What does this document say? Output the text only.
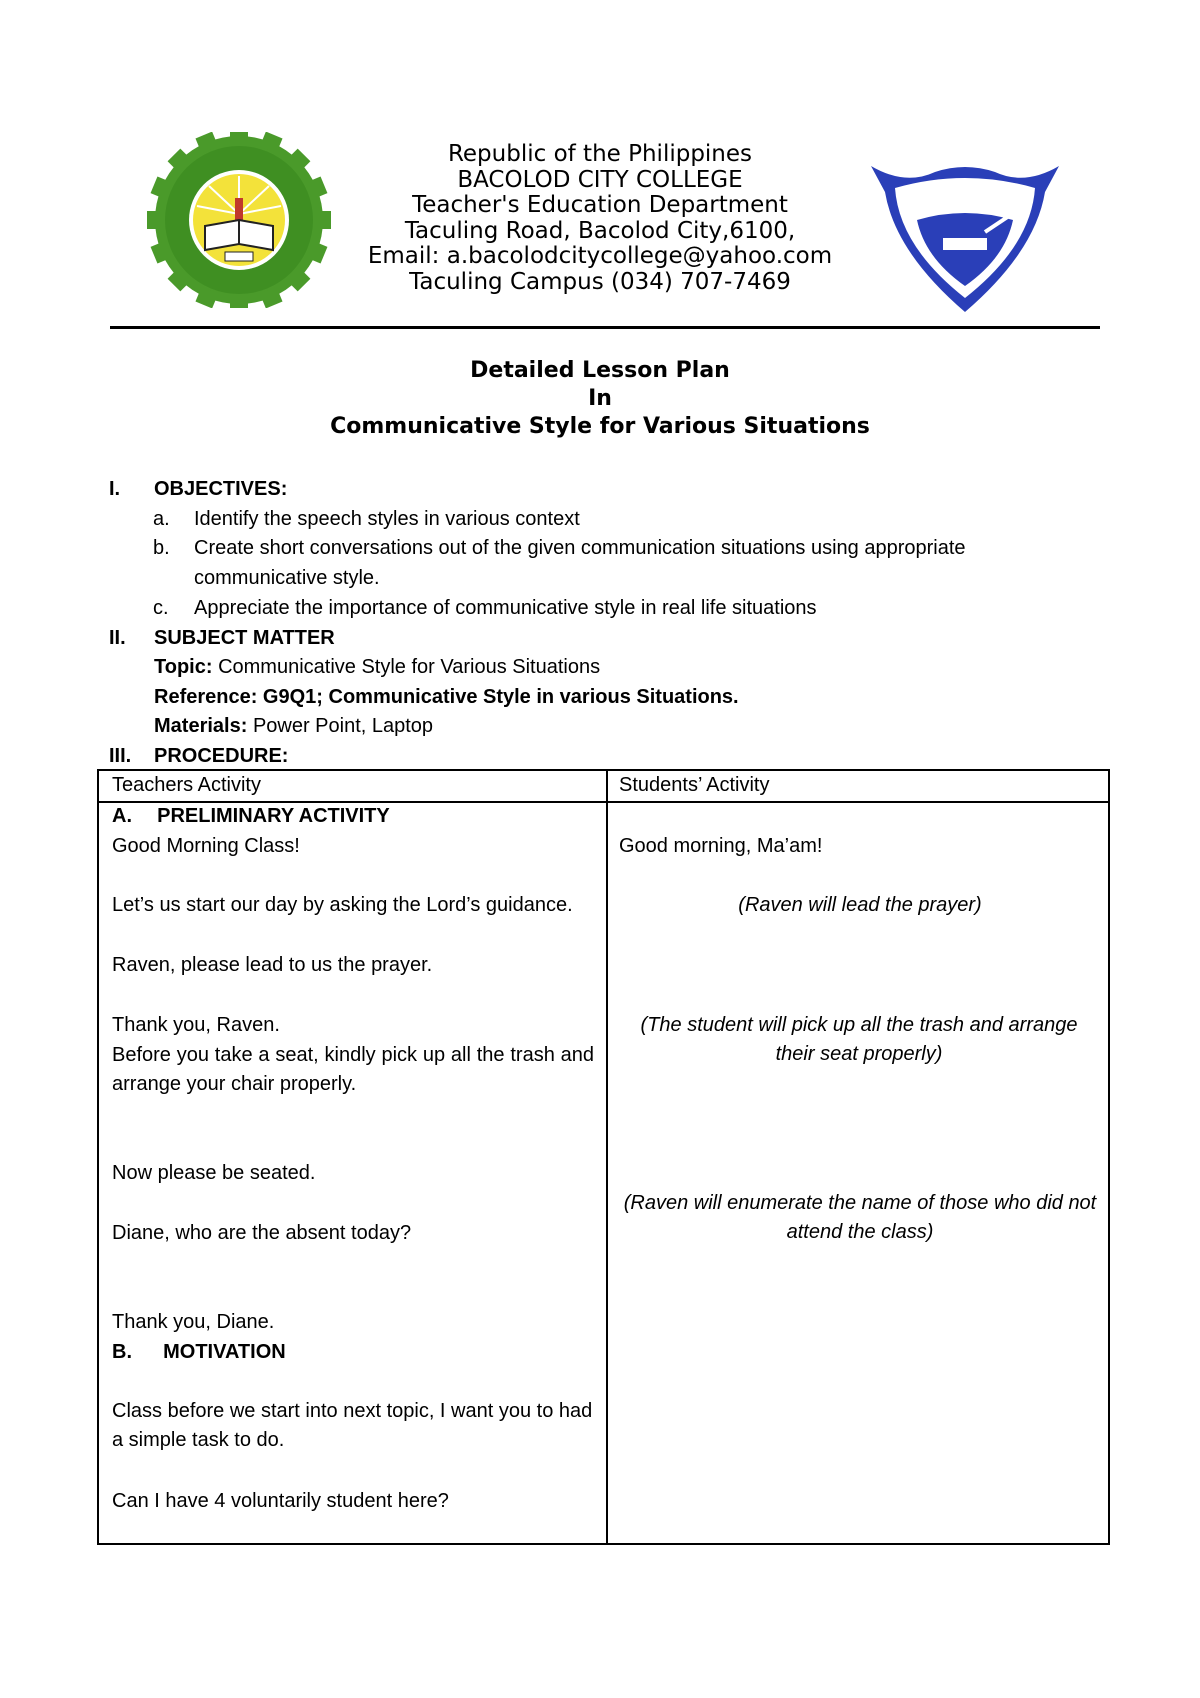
Republic of the Philippines
BACOLOD CITY COLLEGE
Teacher's Education Department
Taculing Road, Bacolod City,6100,
Email: a.bacolodcitycollege@yahoo.com
Taculing Campus (034) 707-7469
Detailed Lesson Plan
In
Communicative Style for Various Situations
I. OBJECTIVES:
a. Identify the speech styles in various context
b. Create short conversations out of the given communication situations using appropriate
communicative style.
c. Appreciate the importance of communicative style in real life situations
II. SUBJECT MATTER
Topic: Communicative Style for Various Situations
Reference: G9Q1; Communicative Style in various Situations.
Materials: Power Point, Laptop
III. PROCEDURE:
Teachers Activity	Students’ Activity
A. PRELIMINARY ACTIVITY
Good Morning Class!
Let’s us start our day by asking the Lord’s guidance.
Raven, please lead to us the prayer.
Thank you, Raven.
Before you take a seat, kindly pick up all the trash and arrange your chair properly.
Now please be seated.
Diane, who are the absent today?
Thank you, Diane.
B. MOTIVATION
Class before we start into next topic, I want you to had a simple task to do.
Can I have 4 voluntarily student here?
Good morning, Ma’am!
(Raven will lead the prayer)
(The student will pick up all the trash and arrange their seat properly)
(Raven will enumerate the name of those who did not attend the class)
